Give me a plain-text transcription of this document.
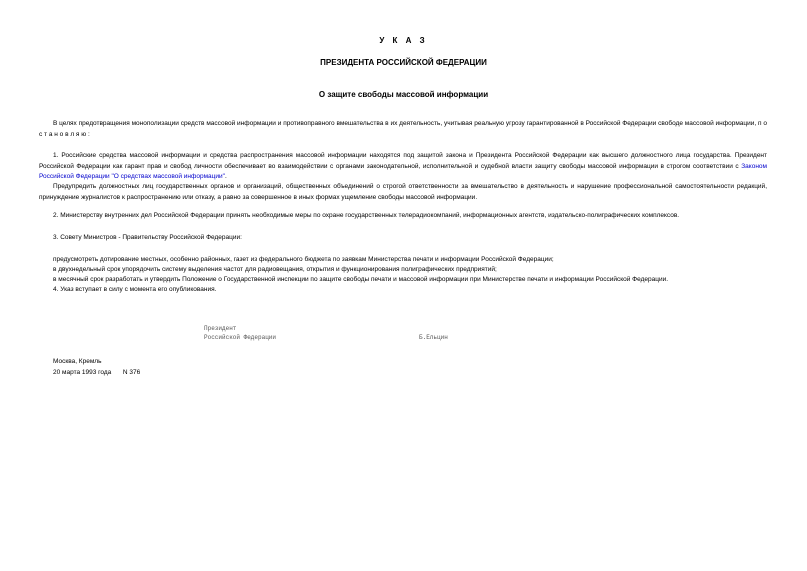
У К А З
ПРЕЗИДЕНТА РОССИЙСКОЙ ФЕДЕРАЦИИ
О защите свободы массовой информации
В целях предотвращения монополизации средств массовой информации и противоправного вмешательства в их деятельность, учитывая реальную угрозу гарантированной в Российской Федерации свободе массовой информации, п о с т а н о в л я ю :
1. Российские средства массовой информации и средства распространения массовой информации находятся под защитой закона и Президента Российской Федерации как высшего должностного лица государства. Президент Российской Федерации как гарант прав и свобод личности обеспечивает во взаимодействии с органами законодательной, исполнительной и судебной власти защиту свободы массовой информации в строгом соответствии с Законом Российской Федерации "О средствах массовой информации".
Предупредить должностных лиц государственных органов и организаций, общественных объединений о строгой ответственности за вмешательство в деятельность и нарушение профессиональной самостоятельности редакций, принуждение журналистов к распространению или отказу, а равно за совершенное в иных формах ущемление свободы массовой информации.
2. Министерству внутренних дел Российской Федерации принять необходимые меры по охране государственных телерадиокомпаний, информационных агентств, издательско-полиграфических комплексов.
3. Совету Министров - Правительству Российской Федерации:
предусмотреть дотирование местных, особенно районных, газет из федерального бюджета по заявкам Министерства печати и информации Российской Федерации;
в двухнедельный срок упорядочить систему выделения частот для радиовещания, открытия и функционирования полиграфических предприятий;
в месячный срок разработать и утвердить Положение о Государственной инспекции по защите свободы печати и массовой информации при Министерстве печати и информации Российской Федерации.
4. Указ вступает в силу с момента его опубликования.
Президент
Российской Федерации	Б.Ельцин
Москва, Кремль
20 марта 1993 года N 376
